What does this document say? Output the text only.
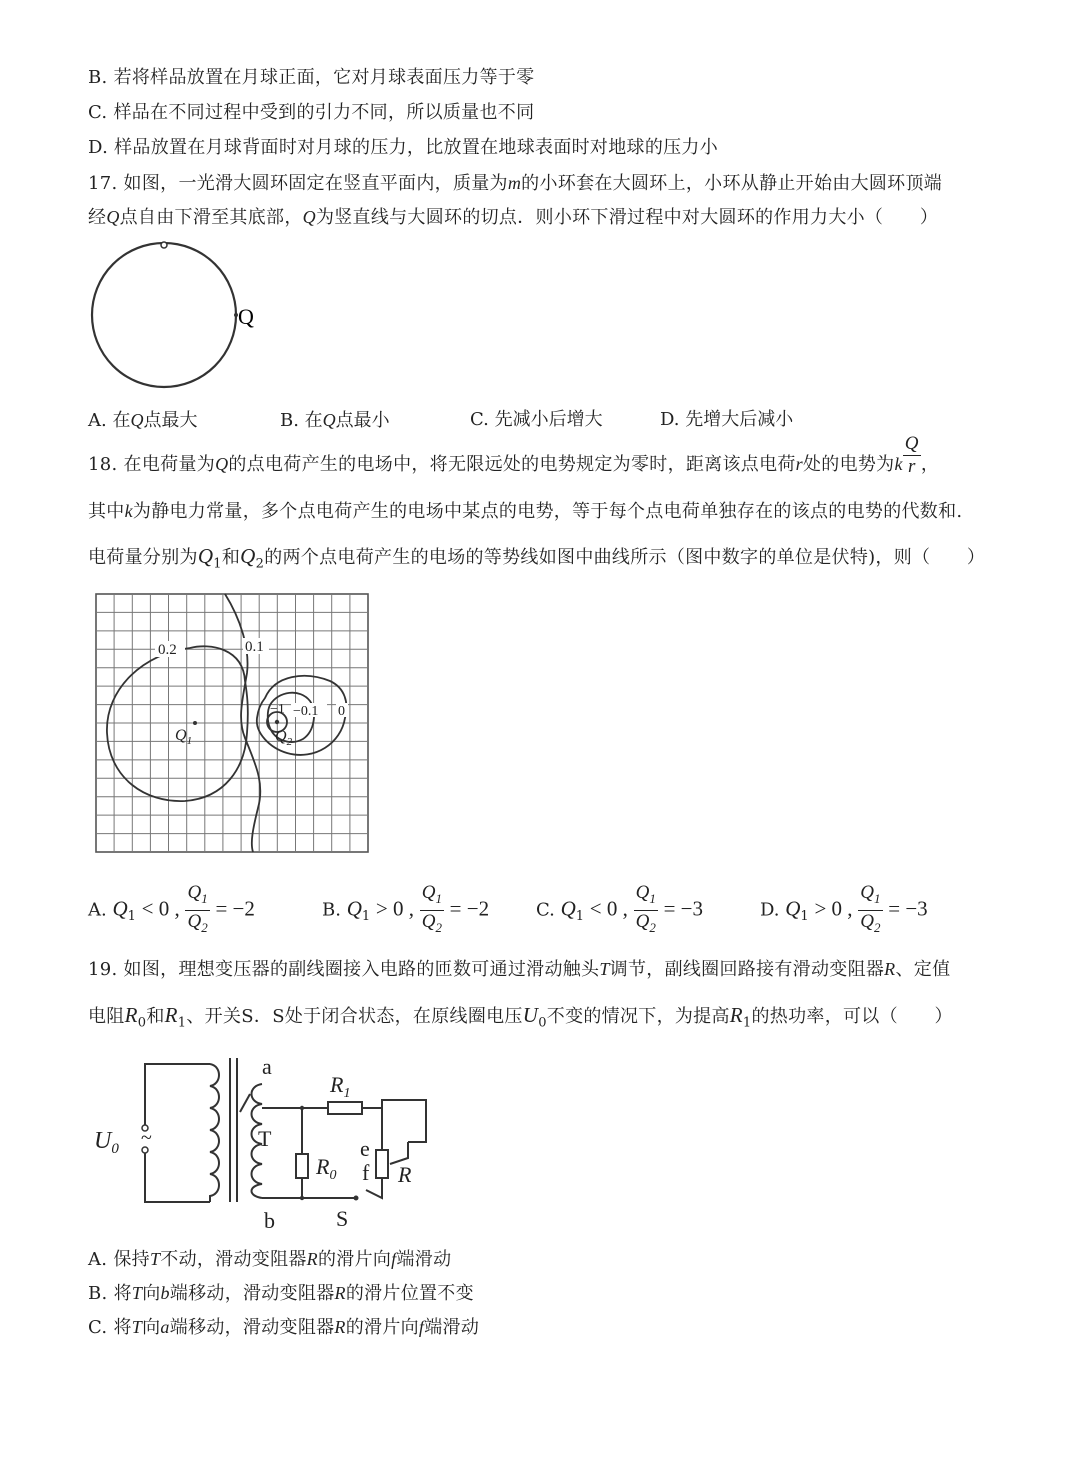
B. 若将样品放置在月球正面，它对月球表面压力等于零
C. 样品在不同过程中受到的引力不同，所以质量也不同
D. 样品放置在月球背面时对月球的压力，比放置在地球表面时对地球的压力小
17. 如图，一光滑大圆环固定在竖直平面内，质量为m的小环套在大圆环上，小环从静止开始由大圆环顶端
经Q点自由下滑至其底部，Q为竖直线与大圆环的切点．则小环下滑过程中对大圆环的作用力大小（　　）
Q
A. 在Q点最大	B. 在Q点最小	C. 先减小后增大	D. 先增大后减小
18. 在电荷量为Q的点电荷产生的电场中，将无限远处的电势规定为零时，距离该点电荷r处的电势为k $\frac{Q}{r}$ ，
其中k为静电力常量，多个点电荷产生的电场中某点的电势，等于每个点电荷单独存在的该点的电势的代数和.
电荷量分别为$Q_1$和$Q_2$的两个点电荷产生的电场的等势线如图中曲线所示（图中数字的单位是伏特)，则（　　）
0.2	0.1
−1 −0.1 0
$Q_1$	$Q_2$
A. $Q_1 < 0$ , $\frac{Q_1}{Q_2} = -2$	B. $Q_1 > 0$ , $\frac{Q_1}{Q_2} = -2$	C. $Q_1 < 0$ , $\frac{Q_1}{Q_2} = -3$	D. $Q_1 > 0$ , $\frac{Q_1}{Q_2} = -3$
19. 如图，理想变压器的副线圈接入电路的匝数可通过滑动触头T调节，副线圈回路接有滑动变阻器R、定值
电阻$R_0$和$R_1$、开关S．S处于闭合状态，在原线圈电压$U_0$不变的情况下，为提高$R_1$的热功率，可以（　　）
$U_0$ ~
a
T
b
$R_1$
$R_0$
e
f R
S
A. 保持T不动，滑动变阻器R的滑片向f端滑动
B. 将T向b端移动，滑动变阻器R的滑片位置不变
C. 将T向a端移动，滑动变阻器R的滑片向f端滑动
